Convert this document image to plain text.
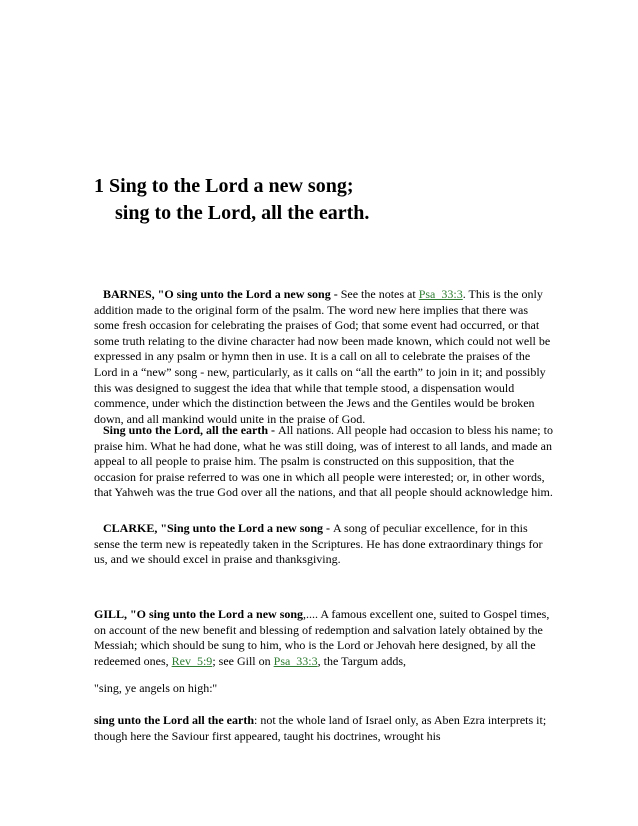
1 Sing to the Lord a new song;
sing to the Lord, all the earth.

BARNES, "O sing unto the Lord a new song - See the notes at Psa_33:3. This is the only addition made to the original form of the psalm. The word new here implies that there was some fresh occasion for celebrating the praises of God; that some event had occurred, or that some truth relating to the divine character had now been made known, which could not well be expressed in any psalm or hymn then in use. It is a call on all to celebrate the praises of the Lord in a “new” song - new, particularly, as it calls on “all the earth” to join in it; and possibly this was designed to suggest the idea that while that temple stood, a dispensation would commence, under which the distinction between the Jews and the Gentiles would be broken down, and all mankind would unite in the praise of God.

Sing unto the Lord, all the earth - All nations. All people had occasion to bless his name; to praise him. What he had done, what he was still doing, was of interest to all lands, and made an appeal to all people to praise him. The psalm is constructed on this supposition, that the occasion for praise referred to was one in which all people were interested; or, in other words, that Yahweh was the true God over all the nations, and that all people should acknowledge him.

CLARKE, "Sing unto the Lord a new song - A song of peculiar excellence, for in this sense the term new is repeatedly taken in the Scriptures. He has done extraordinary things for us, and we should excel in praise and thanksgiving.

GILL, "O sing unto the Lord a new song,.... A famous excellent one, suited to Gospel times, on account of the new benefit and blessing of redemption and salvation lately obtained by the Messiah; which should be sung to him, who is the Lord or Jehovah here designed, by all the redeemed ones, Rev_5:9; see Gill on Psa_33:3, the Targum adds,

"sing, ye angels on high:''

sing unto the Lord all the earth: not the whole land of Israel only, as Aben Ezra interprets it; though here the Saviour first appeared, taught his doctrines, wrought his
